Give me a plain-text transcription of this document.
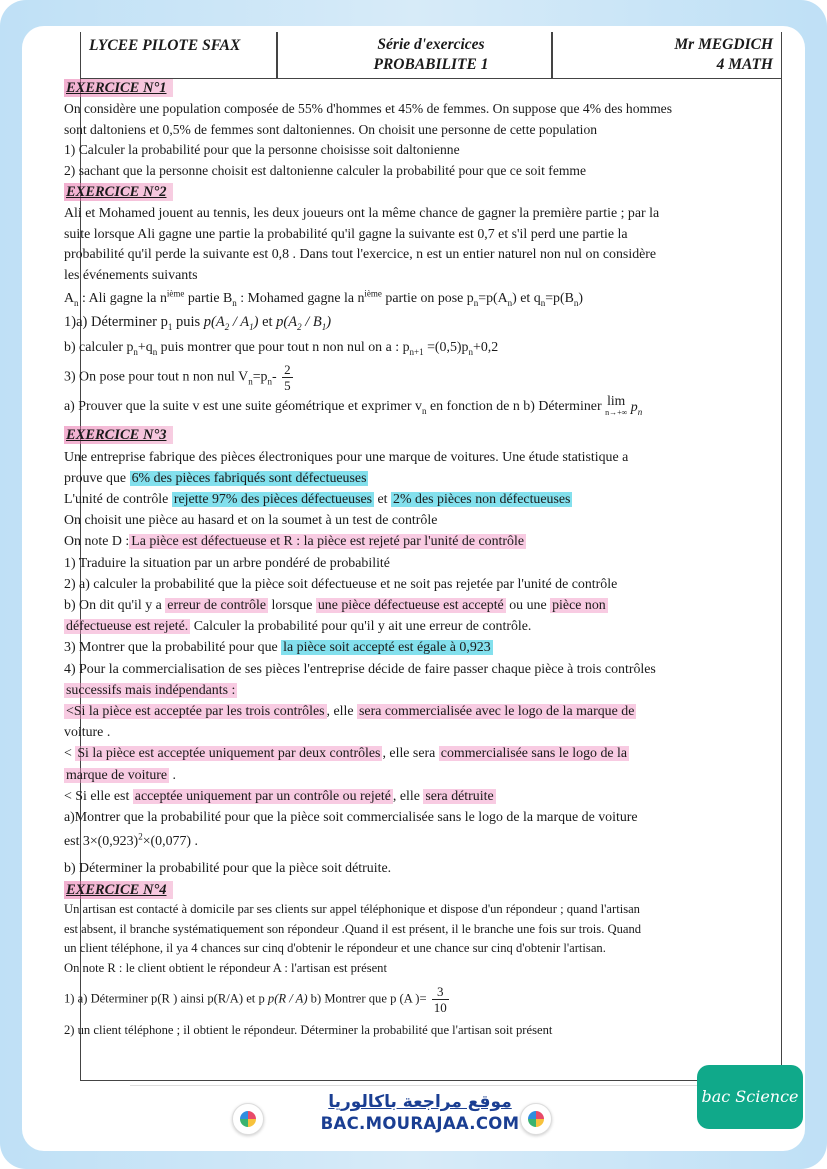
LYCEE PILOTE SFAX	Série d'exercices
PROBABILITE 1
Mr MEGDICH
4 MATH
EXERCICE N°1

On considère une population composée de 55% d'hommes et 45% de femmes. On suppose que 4% des hommes

sont daltoniens et 0,5% de femmes sont daltoniennes. On choisit une personne de cette population

1) Calculer la probabilité pour que la personne choisisse soit daltonienne

2) sachant que la personne choisit est daltonienne calculer la probabilité pour que ce soit femme

EXERCICE N°2

Ali et Mohamed jouent au tennis, les deux joueurs ont la même chance de gagner la première partie ; par la

suite lorsque Ali gagne une partie la probabilité qu'il gagne la suivante est 0,7 et s'il perd une partie la

probabilité qu'il perde la suivante est 0,8 . Dans tout l'exercice, n est un entier naturel non nul on considère

les événements suivants

$A_n$ : Ali gagne la $n^{ième}$ partie $B_n$ : Mohamed gagne la $n^{ième}$ partie on pose $p_n=p(A_n)$ et $q_n=p(B_n)$

1)a) Déterminer $p_1$ puis $p(A_2 / A_1)$ et $p(A_2 / B_1)$

b) calculer $p_n+q_n$ puis montrer que pour tout n non nul on a : $p_{n+1} =(0,5)p_n+0,2$

3) On pose pour tout n non nul $V_n=p_n- \frac{2}{5}$

a) Prouver que la suite v est une suite géométrique et exprimer $v_n$ en fonction de n b) Déterminer lim
n→+∞ $p_n$

EXERCICE N°3

Une entreprise fabrique des pièces électroniques pour une marque de voitures. Une étude statistique a

prouve que 6% des pièces fabriqués sont défectueuses

L'unité de contrôle rejette 97% des pièces défectueuses et 2% des pièces non défectueuses

On choisit une pièce au hasard et on la soumet à un test de contrôle

On note D : La pièce est défectueuse et R : la pièce est rejeté par l'unité de contrôle

1) Traduire la situation par un arbre pondéré de probabilité

2) a) calculer la probabilité que la pièce soit défectueuse et ne soit pas rejetée par l'unité de contrôle

b) On dit qu'il y a erreur de contrôle lorsque une pièce défectueuse est accepté ou une pièce non

défectueuse est rejeté. Calculer la probabilité pour qu'il y ait une erreur de contrôle.

3) Montrer que la probabilité pour que la pièce soit accepté est égale à 0,923

4) Pour la commercialisation de ses pièces l'entreprise décide de faire passer chaque pièce à trois contrôles

successifs mais indépendants :

<Si la pièce est acceptée par les trois contrôles , elle sera commercialisée avec le logo de la marque de

voiture .

< Si la pièce est acceptée uniquement par deux contrôles , elle sera commercialisée sans le logo de la

marque de voiture .

< Si elle est acceptée uniquement par un contrôle ou rejeté , elle sera détruite

a)Montrer que la probabilité pour que la pièce soit commercialisée sans le logo de la marque de voiture

est $3\times(0,923)^2\times(0,077)$ .

b) Déterminer la probabilité pour que la pièce soit détruite.

EXERCICE N°4

Un artisan est contacté à domicile par ses clients sur appel téléphonique et dispose d'un répondeur ; quand l'artisan

est absent, il branche systématiquement son répondeur .Quand il est présent, il le branche une fois sur trois. Quand

un client téléphone, il ya 4 chances sur cinq d'obtenir le répondeur et une chance sur cinq d'obtenir l'artisan.

On note R : le client obtient le répondeur A : l'artisan est présent

1) a) Déterminer p(R ) ainsi p(R/A) et p p(R / A) b) Montrer que p (A )= $\frac{3}{10}$

2) un client téléphone ; il obtient le répondeur. Déterminer la probabilité que l'artisan soit présent

موقع مراجعة باكالوريا
BAC.MOURAJAA.COM
bac Science
